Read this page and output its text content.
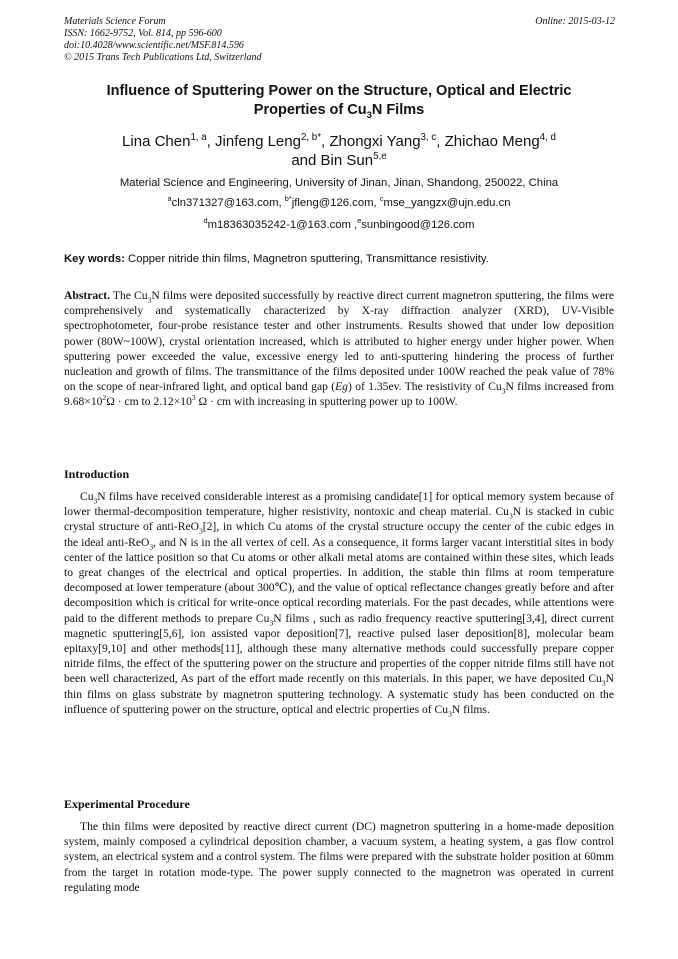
Materials Science Forum
ISSN: 1662-9752, Vol. 814, pp 596-600
doi:10.4028/www.scientific.net/MSF.814.596
© 2015 Trans Tech Publications Ltd, Switzerland
Online: 2015-03-12
Influence of Sputtering Power on the Structure, Optical and Electric
Properties of $Cu_3N$ Films
Lina Chen$^{1, a}$, Jinfeng Leng$^{2, b*}$, Zhongxi Yang$^{3, c}$, Zhichao Meng$^{4, d}$
and Bin Sun$^{5,e}$
Material Science and Engineering, University of Jinan, Jinan, Shandong, 250022, China
$^a$cln371327@163.com, $^{b*}$jfleng@126.com, $^c$mse_yangzx@ujn.edu.cn
$^d$m18363035242-1@163.com ,$^e$sunbingood@126.com
Key words: Copper nitride thin films, Magnetron sputtering, Transmittance resistivity.
Abstract. The $Cu_3N$ films were deposited successfully by reactive direct current magnetron sputtering, the films were comprehensively and systematically characterized by X-ray diffraction analyzer (XRD), UV-Visible spectrophotometer, four-probe resistance tester and other instruments. Results showed that under low deposition power (80W~100W), crystal orientation increased, which is attributed to higher energy under higher power. When sputtering power exceeded the value, excessive energy led to anti-sputtering hindering the process of further nucleation and growth of films. The transmittance of the films deposited under 100W reached the peak value of 78% on the scope of near-infrared light, and optical band gap (Eg) of 1.35ev. The resistivity of $Cu_3N$ films increased from $9.68\times 10^2\Omega$ · cm to $2.12\times 10^3$ Ω · cm with increasing in sputtering power up to 100W.
Introduction
$Cu_3N$ films have received considerable interest as a promising candidate[1] for optical memory system because of lower thermal-decomposition temperature, higher resistivity, nontoxic and cheap material. $Cu_3N$ is stacked in cubic crystal structure of anti-ReO$_3$[2], in which Cu atoms of the crystal structure occupy the center of the cubic edges in the ideal anti-ReO$_3$, and N is in the all vertex of cell. As a consequence, it forms larger vacant interstitial sites in body center of the lattice position so that Cu atoms or other alkali metal atoms are contained within these sites, which leads to great changes of the electrical and optical properties. In addition, the stable thin films at room temperature decomposed at lower temperature (about 300℃), and the value of optical reflectance changes greatly before and after decomposition which is critical for write-once optical recording materials. For the past decades, while attentions were paid to the different methods to prepare $Cu_3N$ films , such as radio frequency reactive sputtering[3,4], direct current magnetic sputtering[5,6], ion assisted vapor deposition[7], reactive pulsed laser deposition[8], molecular beam epitaxy[9,10] and other methods[11], although these many alternative methods could successfully prepare copper nitride films, the effect of the sputtering power on the structure and properties of the copper nitride films still have not been well characterized, As part of the effort made recently on this materials. In this paper, we have deposited $Cu_3N$ thin films on glass substrate by magnetron sputtering technology. A systematic study has been conducted on the influence of sputtering power on the structure, optical and electric properties of $Cu_3N$ films.
Experimental Procedure
The thin films were deposited by reactive direct current (DC) magnetron sputtering in a home-made deposition system, mainly composed a cylindrical deposition chamber, a vacuum system, a heating system, a gas flow control system, an electrical system and a control system. The films were prepared with the substrate holder position at 60mm from the target in rotation mode-type. The power supply connected to the magnetron was operated in current regulating mode
